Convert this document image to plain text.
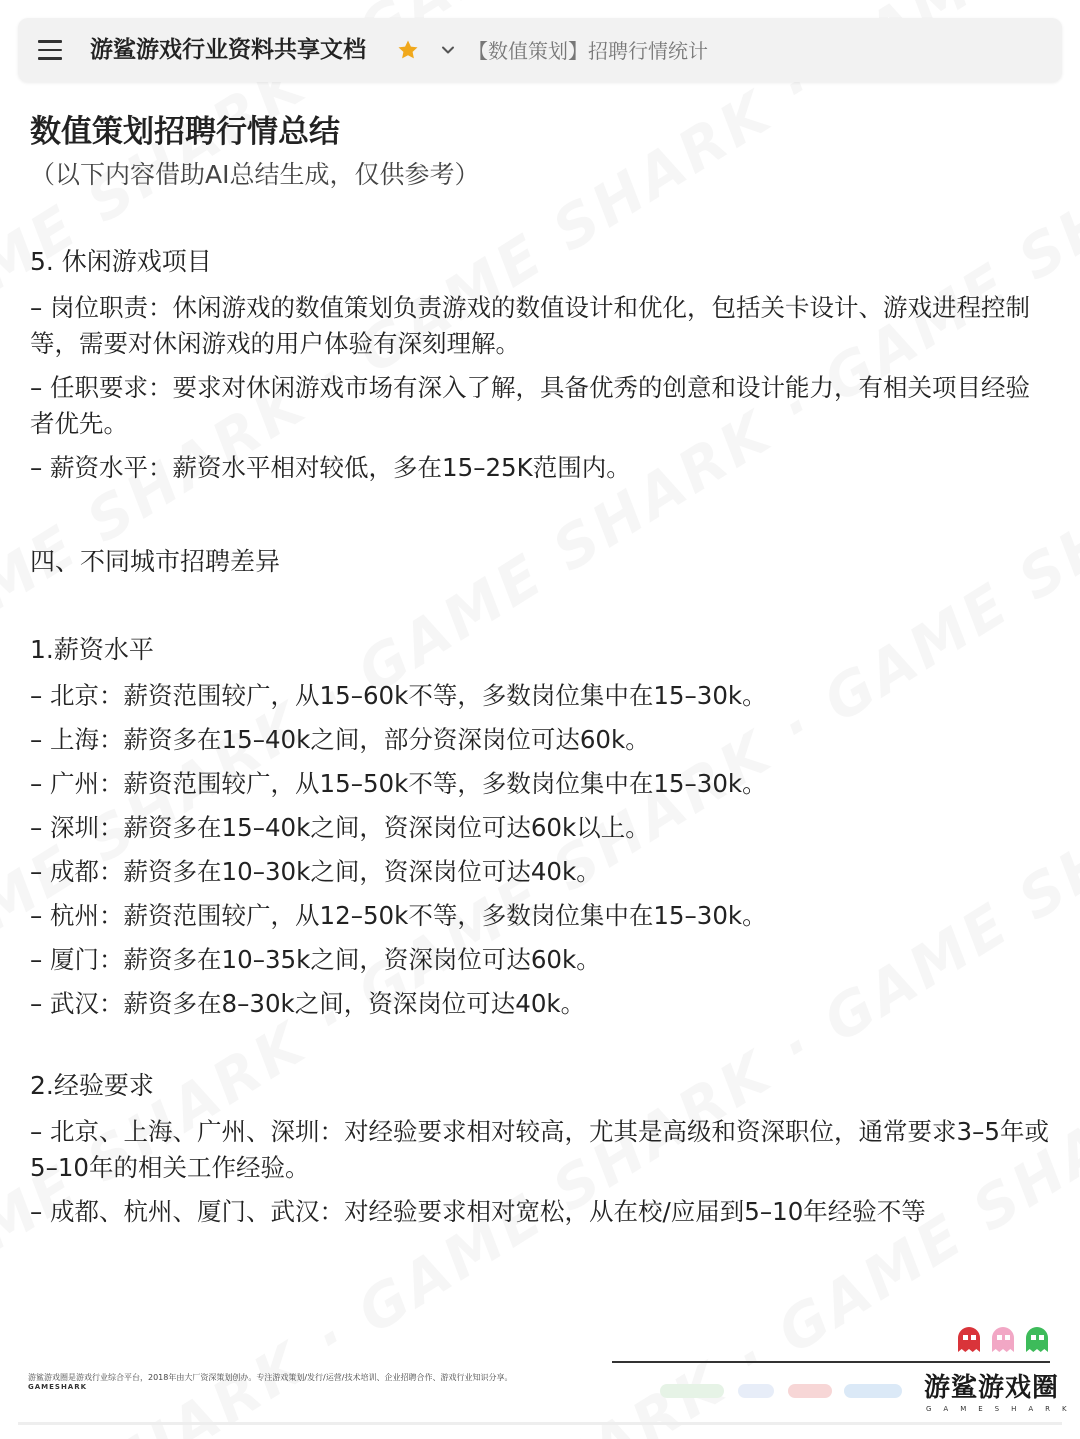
游鲨游戏行业资料共享文档	【数值策划】招聘行情统计
数值策划招聘行情总结

（以下内容借助AI总结生成，仅供参考）

5. 休闲游戏项目

– 岗位职责：休闲游戏的数值策划负责游戏的数值设计和优化，包括关卡设计、游戏进程控制等，需要对休闲游戏的用户体验有深刻理解。
– 任职要求：要求对休闲游戏市场有深入了解，具备优秀的创意和设计能力，有相关项目经验者优先。
– 薪资水平：薪资水平相对较低，多在15–25K范围内。

四、不同城市招聘差异

1.薪资水平

– 北京：薪资范围较广，从15–60k不等，多数岗位集中在15–30k。
– 上海：薪资多在15–40k之间，部分资深岗位可达60k。
– 广州：薪资范围较广，从15–50k不等，多数岗位集中在15–30k。
– 深圳：薪资多在15–40k之间，资深岗位可达60k以上。
– 成都：薪资多在10–30k之间，资深岗位可达40k。
– 杭州：薪资范围较广，从12–50k不等，多数岗位集中在15–30k。
– 厦门：薪资多在10–35k之间，资深岗位可达60k。
– 武汉：薪资多在8–30k之间，资深岗位可达40k。

2.经验要求

– 北京、上海、广州、深圳：对经验要求相对较高，尤其是高级和资深职位，通常要求3–5年或5–10年的相关工作经验。
– 成都、杭州、厦门、武汉：对经验要求相对宽松，从在校/应届到5–10年经验不等
游鲨游戏圈是游戏行业综合平台，2018年由大厂资深策划创办。专注游戏策划/发行/运营/技术培训、企业招聘合作、游戏行业知识分享。
GAMESHARK	游鲨游戏圈
GAMESHARK
